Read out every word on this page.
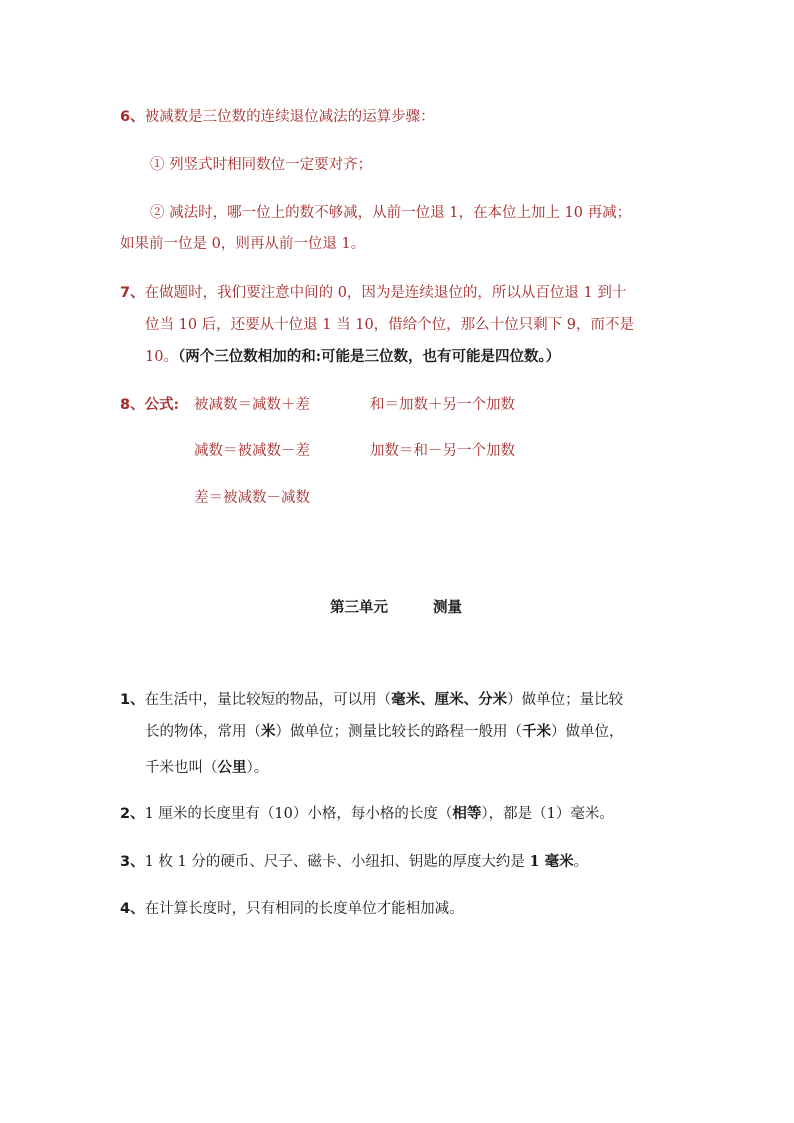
6、被减数是三位数的连续退位减法的运算步骤：
① 列竖式时相同数位一定要对齐；
② 减法时，哪一位上的数不够减，从前一位退 1，在本位上加上 10 再减；
如果前一位是 0，则再从前一位退 1。
7、在做题时，我们要注意中间的 0，因为是连续退位的，所以从百位退 1 到十
位当 10 后，还要从十位退 1 当 10，借给个位，那么十位只剩下 9，而不是
10。（两个三位数相加的和:可能是三位数，也有可能是四位数。）
8、公式: 被减数＝减数＋差	和＝加数＋另一个加数
减数＝被减数－差	加数＝和－另一个加数
差＝被减数－减数
第三单元	测量
1、在生活中，量比较短的物品，可以用（毫米、厘米、分米）做单位；量比较
长的物体，常用（米）做单位；测量比较长的路程一般用（千米）做单位，
千米也叫（公里）。
2、1 厘米的长度里有（10）小格，每小格的长度（相等），都是（1）毫米。
3、1 枚 1 分的硬币、尺子、磁卡、小纽扣、钥匙的厚度大约是 1 毫米。
4、在计算长度时，只有相同的长度单位才能相加减。
